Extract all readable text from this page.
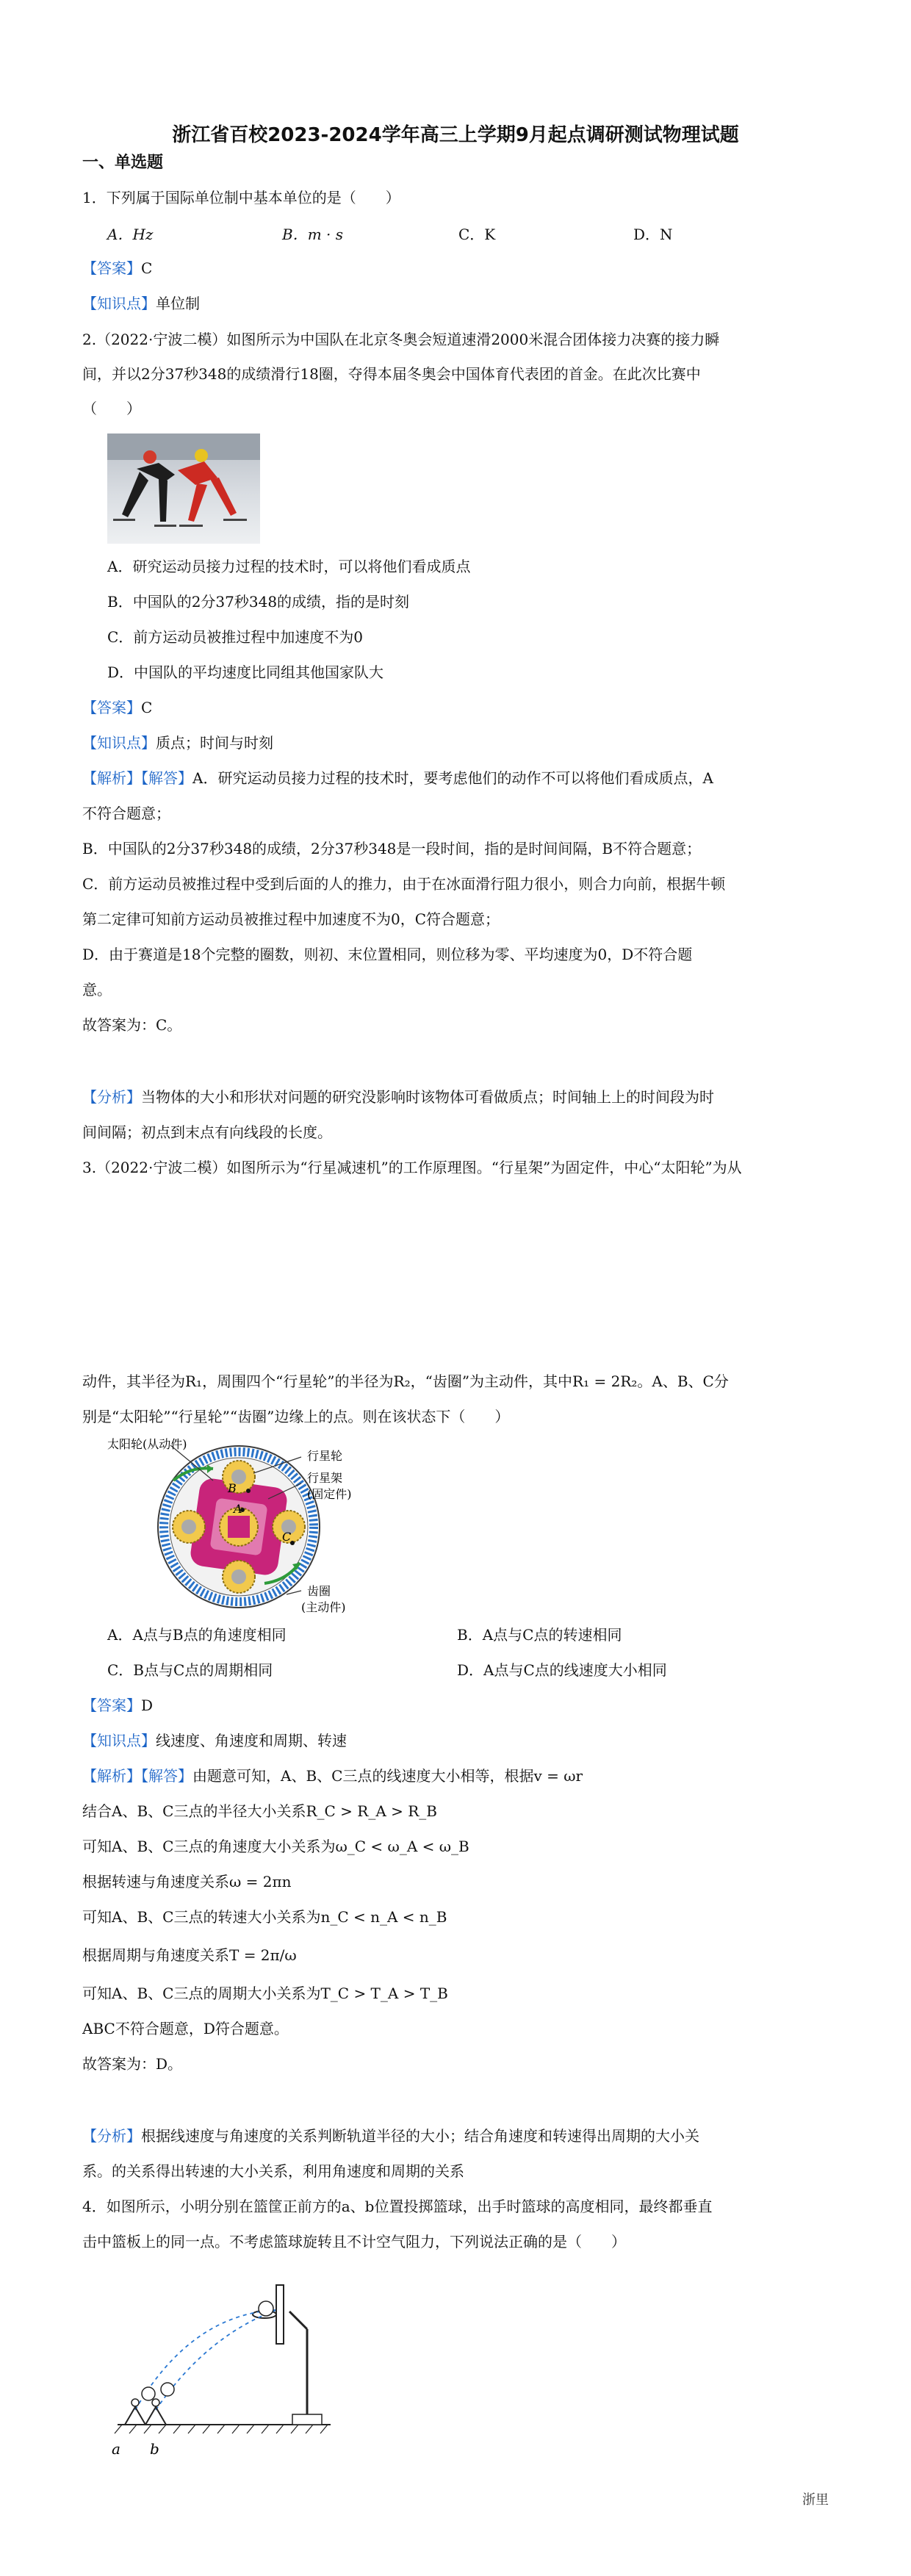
浙江省百校2023-2024学年高三上学期9月起点调研测试物理试题
一、单选题
1．下列属于国际单位制中基本单位的是（　　）
A．Hz	B．m · s	C．K	D．N
【答案】C
【知识点】单位制
2.（2022·宁波二模）如图所示为中国队在北京冬奥会短道速滑2000米混合团体接力决赛的接力瞬
间，并以2分37秒348的成绩滑行18圈，夺得本届冬奥会中国体育代表团的首金。在此次比赛中
（　　）
A．研究运动员接力过程的技术时，可以将他们看成质点
B．中国队的2分37秒348的成绩，指的是时刻
C．前方运动员被推过程中加速度不为0
D．中国队的平均速度比同组其他国家队大
【答案】C
【知识点】质点；时间与时刻
【解析】【解答】A．研究运动员接力过程的技术时，要考虑他们的动作不可以将他们看成质点，A
不符合题意；
B．中国队的2分37秒348的成绩，2分37秒348是一段时间，指的是时间间隔，B不符合题意；
C．前方运动员被推过程中受到后面的人的推力，由于在冰面滑行阻力很小，则合力向前，根据牛顿
第二定律可知前方运动员被推过程中加速度不为0，C符合题意；
D．由于赛道是18个完整的圈数，则初、末位置相同，则位移为零、平均速度为0，D不符合题
意。
故答案为：C。
【分析】当物体的大小和形状对问题的研究没影响时该物体可看做质点；时间轴上上的时间段为时
间间隔；初点到末点有向线段的长度。
3.（2022·宁波二模）如图所示为“行星减速机”的工作原理图。“行星架”为固定件，中心“太阳轮”为从
动件，其半径为R₁，周围四个“行星轮”的半径为R₂，“齿圈”为主动件，其中R₁ = 2R₂。A、B、C分
别是“太阳轮”“行星轮”“齿圈”边缘上的点。则在该状态下（　　）
太阳轮(从动件)
行星轮
行星架
(固定件)
齿圈
(主动件)
A
B
C
A．A点与B点的角速度相同	B．A点与C点的转速相同
C．B点与C点的周期相同	D．A点与C点的线速度大小相同
【答案】D
【知识点】线速度、角速度和周期、转速
【解析】【解答】由题意可知，A、B、C三点的线速度大小相等，根据v = ωr
结合A、B、C三点的半径大小关系R_C > R_A > R_B
可知A、B、C三点的角速度大小关系为ω_C < ω_A < ω_B
根据转速与角速度关系ω = 2πn
可知A、B、C三点的转速大小关系为n_C < n_A < n_B
根据周期与角速度关系T = 2π/ω
可知A、B、C三点的周期大小关系为T_C > T_A > T_B
ABC不符合题意，D符合题意。
故答案为：D。
【分析】根据线速度与角速度的关系判断轨道半径的大小；结合角速度和转速得出周期的大小关
系。的关系得出转速的大小关系，利用角速度和周期的关系
4．如图所示，小明分别在篮筐正前方的a、b位置投掷篮球，出手时篮球的高度相同，最终都垂直
击中篮板上的同一点。不考虑篮球旋转且不计空气阻力，下列说法正确的是（　　）
a b
浙里
